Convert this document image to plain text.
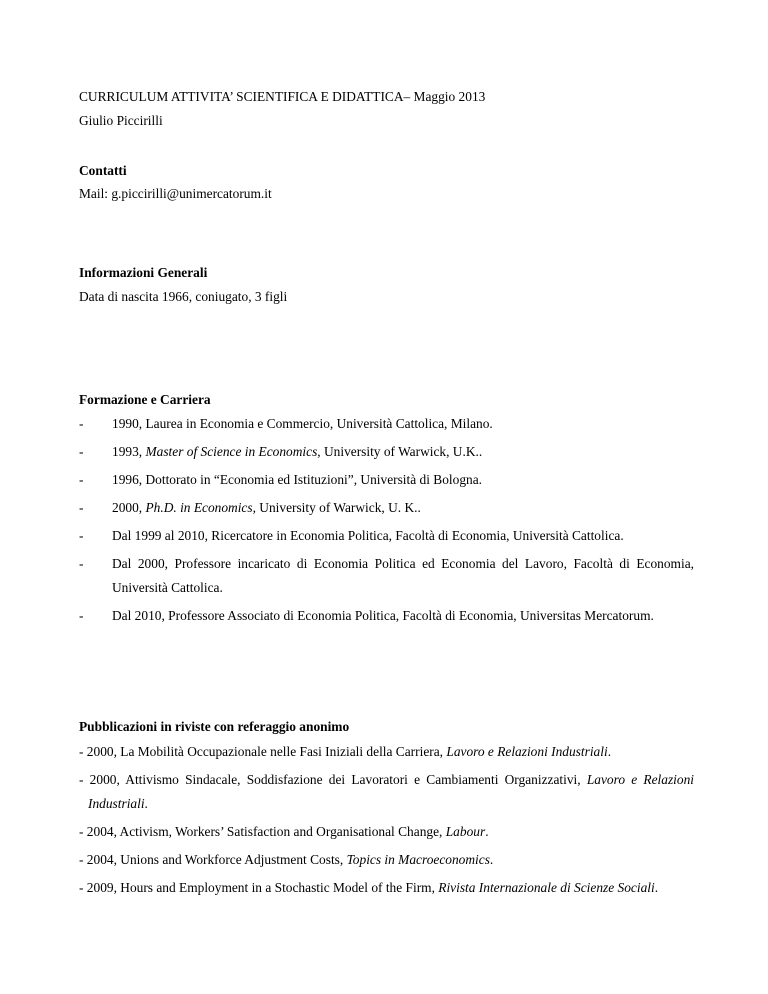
CURRICULUM ATTIVITA’ SCIENTIFICA E DIDATTICA– Maggio 2013
Giulio Piccirilli
Contatti
Mail: g.piccirilli@unimercatorum.it
Informazioni Generali
Data di nascita 1966, coniugato, 3 figli
Formazione e Carriera
- 1990, Laurea in Economia e Commercio, Università Cattolica, Milano.
- 1993, Master of Science in Economics, University of Warwick, U.K..
- 1996, Dottorato in “Economia ed Istituzioni”, Università di Bologna.
- 2000, Ph.D. in Economics, University of Warwick, U. K..
- Dal 1999 al 2010, Ricercatore in Economia Politica, Facoltà di Economia, Università Cattolica.
- Dal 2000, Professore incaricato di Economia Politica ed Economia del Lavoro, Facoltà di Economia, Università Cattolica.
- Dal 2010, Professore Associato di Economia Politica, Facoltà di Economia, Universitas Mercatorum.
Pubblicazioni in riviste con referaggio anonimo
- 2000, La Mobilità Occupazionale nelle Fasi Iniziali della Carriera, Lavoro e Relazioni Industriali.
- 2000, Attivismo Sindacale, Soddisfazione dei Lavoratori e Cambiamenti Organizzativi, Lavoro e Relazioni Industriali.
- 2004, Activism, Workers’ Satisfaction and Organisational Change, Labour.
- 2004, Unions and Workforce Adjustment Costs, Topics in Macroeconomics.
- 2009, Hours and Employment in a Stochastic Model of the Firm, Rivista Internazionale di Scienze Sociali.
